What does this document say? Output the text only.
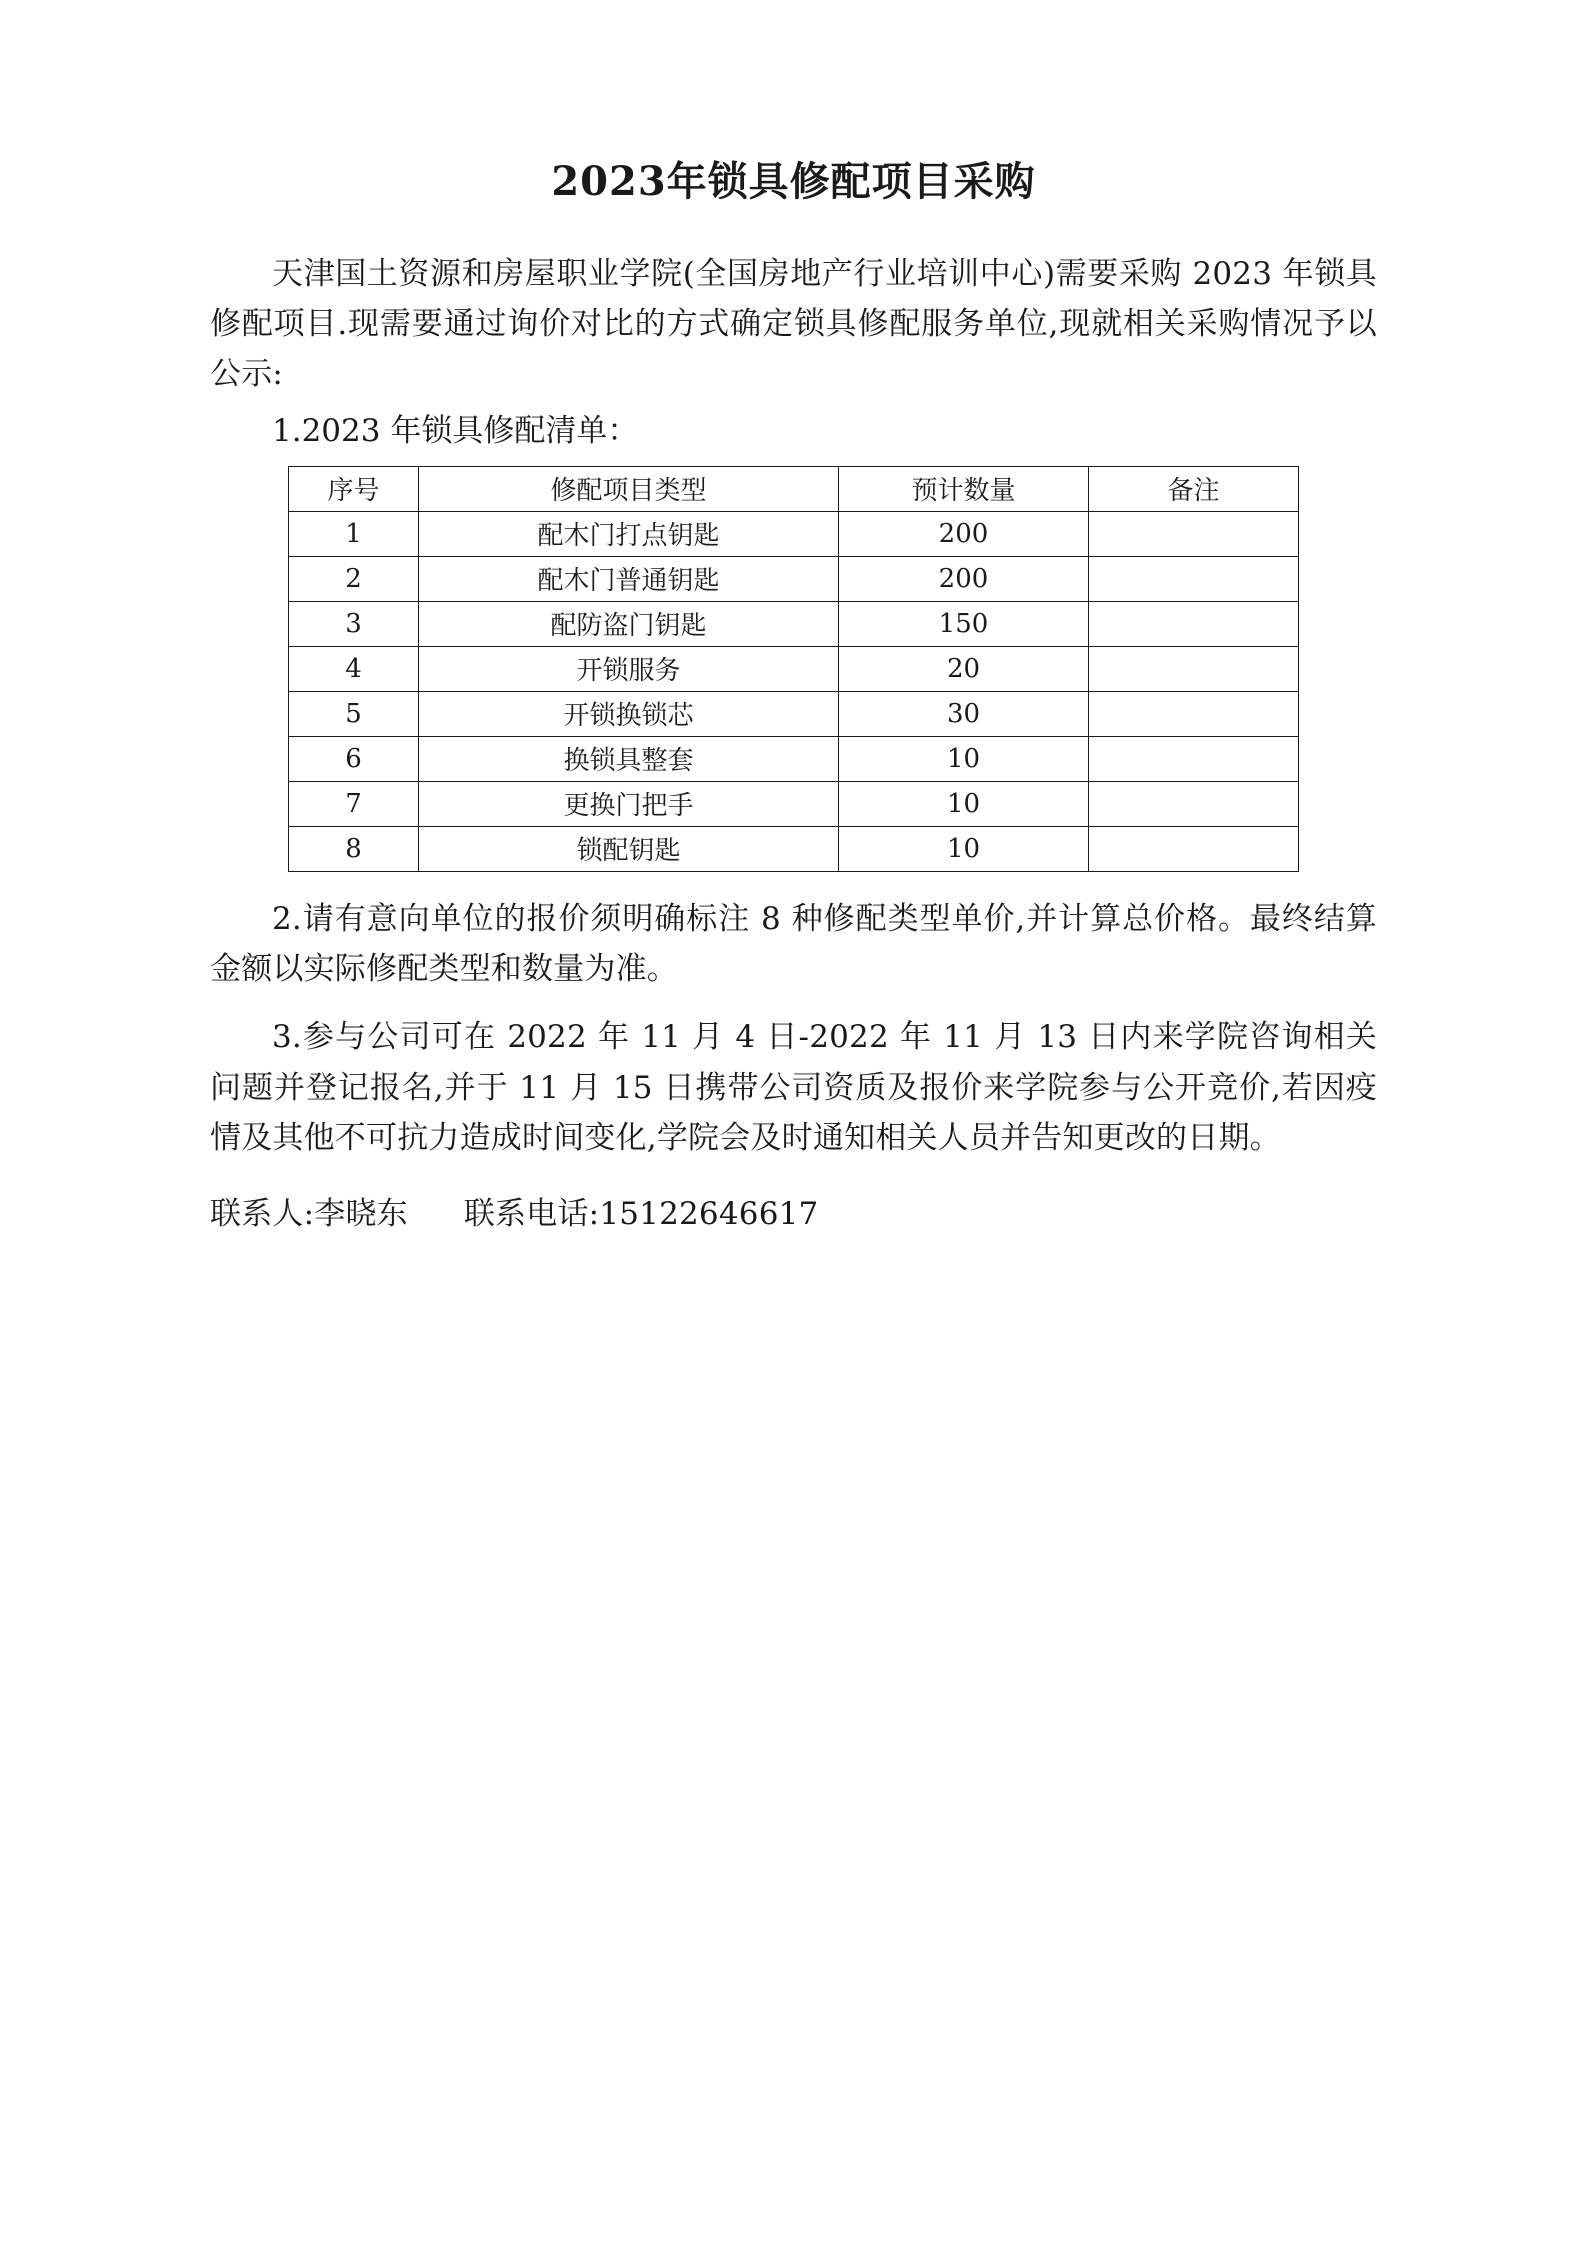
2023年锁具修配项目采购

天津国土资源和房屋职业学院(全国房地产行业培训中心)需要采购 2023 年锁具修配项目.现需要通过询价对比的方式确定锁具修配服务单位,现就相关采购情况予以公示:

1.2023 年锁具修配清单：

序号	修配项目类型	预计数量	备注
1	配木门打点钥匙	200	
2	配木门普通钥匙	200	
3	配防盗门钥匙	150	
4	开锁服务	20	
5	开锁换锁芯	30	
6	换锁具整套	10	
7	更换门把手	10	
8	锁配钥匙	10	

2.请有意向单位的报价须明确标注 8 种修配类型单价,并计算总价格。最终结算金额以实际修配类型和数量为准。

3.参与公司可在 2022 年 11 月 4 日-2022 年 11 月 13 日内来学院咨询相关问题并登记报名,并于 11 月 15 日携带公司资质及报价来学院参与公开竞价,若因疫情及其他不可抗力造成时间变化,学院会及时通知相关人员并告知更改的日期。

联系人:李晓东 联系电话:15122646617
